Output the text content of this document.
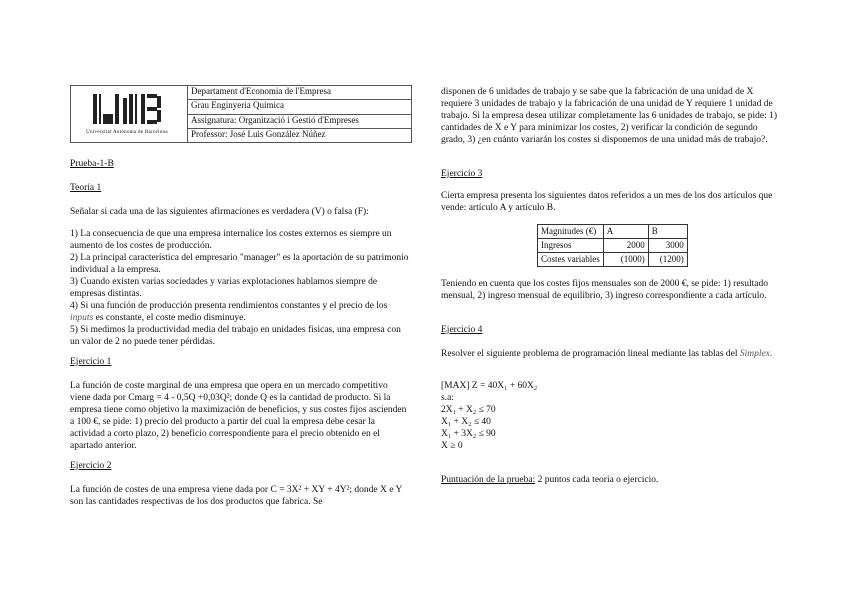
Universitat Autònoma de Barcelona
	Departament d'Economia de l'Empresa
Grau Enginyeria Química
Assignatura: Organització i Gestió d'Empreses
Professor: José Luis González Núñez
Prueba-1-B
Teoría 1
Señalar si cada una de las siguientes afirmaciones es verdadera (V) o falsa (F):

1) La consecuencia de que una empresa internalice los costes externos es siempre un aumento de los costes de producción.

2) La principal característica del empresario "manager" es la aportación de su patrimonio individual a la empresa.

3) Cuando existen varias sociedades y varias explotaciones hablamos siempre de empresas distintas.

4) Si una función de producción presenta rendimientos constantes y el precio de los inputs es constante, el coste medio disminuye.

5) Si medimos la productividad media del trabajo en unidades físicas, una empresa con un valor de 2 no puede tener pérdidas.

Ejercicio 1
La función de coste marginal de una empresa que opera en un mercado competitivo viene dada por Cmarg = 4 - 0,5Q +0,03Q²; donde Q es la cantidad de producto. Si la empresa tiene como objetivo la maximización de beneficios, y sus costes fijos ascienden a 100 €, se pide: 1) precio del producto a partir del cual la empresa debe cesar la actividad a corto plazo, 2) beneficio correspondiente para el precio obtenido en el apartado anterior.
Ejercicio 2
La función de costes de una empresa viene dada por C = 3X² + XY + 4Y²; donde X e Y son las cantidades respectivas de los dos productos que fabrica. Se
disponen de 6 unidades de trabajo y se sabe que la fabricación de una unidad de X requiere 3 unidades de trabajo y la fabricación de una unidad de Y requiere 1 unidad de trabajo. Si la empresa desea utilizar completamente las 6 unidades de trabajo, se pide: 1) cantidades de X e Y para minimizar los costes, 2) verificar la condición de segundo grado, 3) ¿en cuánto variarán los costes si disponemos de una unidad más de trabajo?.
Ejercicio 3
Cierta empresa presenta los siguientes datos referidos a un mes de los dos artículos que vende: artículo A y artículo B.
Magnitudes (€)	A	B
Ingresos	2000	3000
Costes variables	(1000)	(1200)
Teniendo en cuenta que los costes fijos mensuales son de 2000 €, se pide: 1) resultado mensual, 2) ingreso mensual de equilibrio, 3) ingreso correspondiente a cada artículo.
Ejercicio 4
Resolver el siguiente problema de programación lineal mediante las tablas del Simplex.

[MAX] Z = 40X₁ + 60X₂

s.a:

2X₁ + X₂ ≤ 70

X₁ + X₂ ≤ 40

X₁ + 3X₂ ≤ 90

X ≥ 0

Puntuación de la prueba: 2 puntos cada teoría o ejercicio.
